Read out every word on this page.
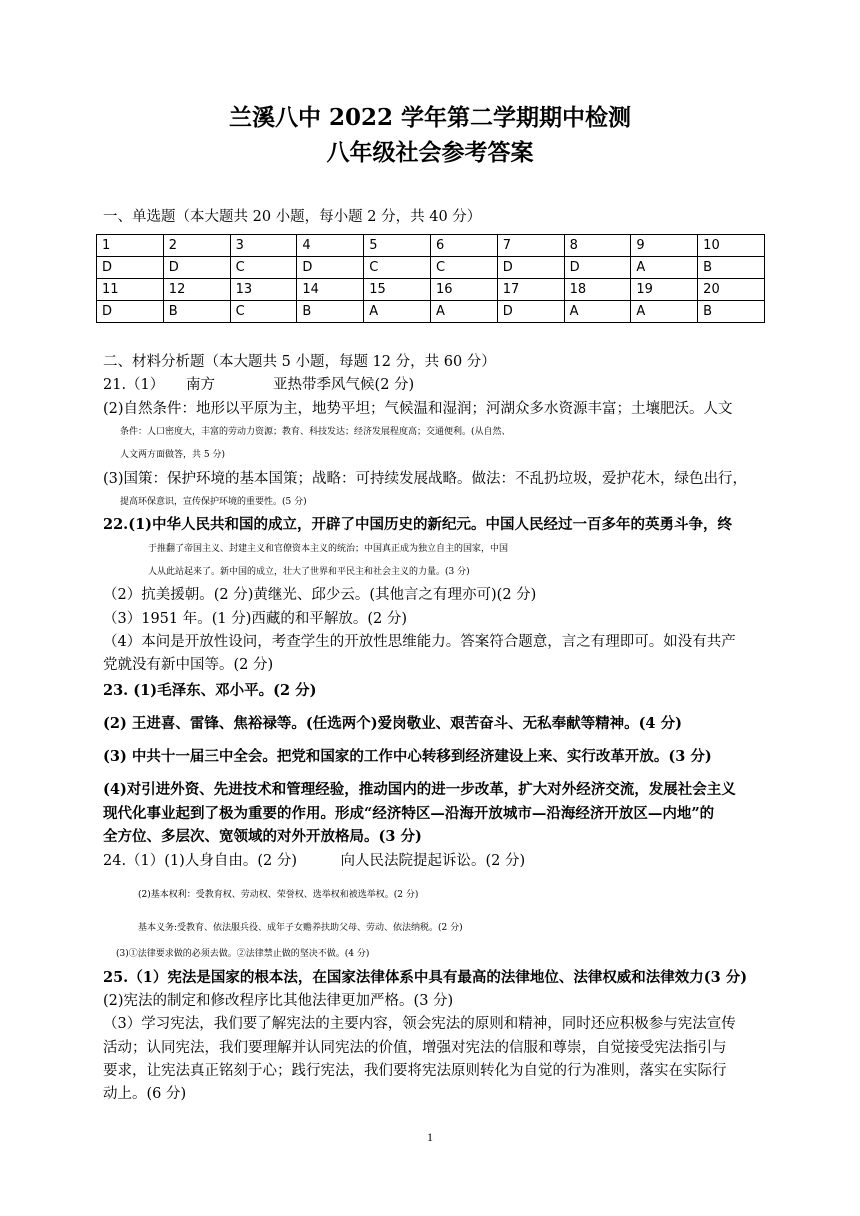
兰溪八中 2022 学年第二学期期中检测
八年级社会参考答案
一、单选题（本大题共 20 小题，每小题 2 分，共 40 分）
1	2	3	4	5	6	7	8	9	10
D	D	C	D	C	C	D	D	A	B
11	12	13	14	15	16	17	18	19	20
D	B	C	B	A	A	D	A	A	B
二、材料分析题（本大题共 5 小题，每题 12 分，共 60 分）
21.（1）　　南方　　　　亚热带季风气候(2 分)
(2)自然条件：地形以平原为主，地势平坦；气候温和湿润；河湖众多水资源丰富；土壤肥沃。人文
条件：人口密度大，丰富的劳动力资源；教育、科技发达；经济发展程度高；交通便利。(从自然、
人文两方面做答，共 5 分)
(3)国策：保护环境的基本国策；战略：可持续发展战略。做法：不乱扔垃圾，爱护花木，绿色出行，
提高环保意识，宣传保护环境的重要性。(5 分)
22.(1)中华人民共和国的成立，开辟了中国历史的新纪元。中国人民经过一百多年的英勇斗争，终
于推翻了帝国主义、封建主义和官僚资本主义的统治；中国真正成为独立自主的国家，中国
人从此站起来了。新中国的成立，壮大了世界和平民主和社会主义的力量。(3 分)
（2）抗美援朝。(2 分)黄继光、邱少云。(其他言之有理亦可)(2 分)
（3）1951 年。(1 分)西藏的和平解放。(2 分)
（4）本问是开放性设问，考查学生的开放性思维能力。答案符合题意，言之有理即可。如没有共产
党就没有新中国等。(2 分)
23. (1)毛泽东、邓小平。(2 分)
(2) 王进喜、雷锋、焦裕禄等。(任选两个)爱岗敬业、艰苦奋斗、无私奉献等精神。(4 分)
(3) 中共十一届三中全会。把党和国家的工作中心转移到经济建设上来、实行改革开放。(3 分)
(4)对引进外资、先进技术和管理经验，推动国内的进一步改革，扩大对外经济交流，发展社会主义
现代化事业起到了极为重要的作用。形成“经济特区—沿海开放城市—沿海经济开放区—内地”的
全方位、多层次、宽领域的对外开放格局。(3 分)
24.（1）(1)人身自由。(2 分)　　　向人民法院提起诉讼。(2 分)
(2)基本权利：受教育权、劳动权、荣誉权、选举权和被选举权。(2 分)
基本义务:受教育、依法服兵役、成年子女赡养扶助父母、劳动、依法纳税。(2 分)
(3)①法律要求做的必须去做。②法律禁止做的坚决不做。(4 分)
25.（1）宪法是国家的根本法，在国家法律体系中具有最高的法律地位、法律权威和法律效力(3 分)
(2)宪法的制定和修改程序比其他法律更加严格。(3 分)
（3）学习宪法，我们要了解宪法的主要内容，领会宪法的原则和精神，同时还应积极参与宪法宣传
活动；认同宪法，我们要理解并认同宪法的价值，增强对宪法的信服和尊崇，自觉接受宪法指引与
要求，让宪法真正铭刻于心；践行宪法，我们要将宪法原则转化为自觉的行为准则，落实在实际行
动上。(6 分)
1
